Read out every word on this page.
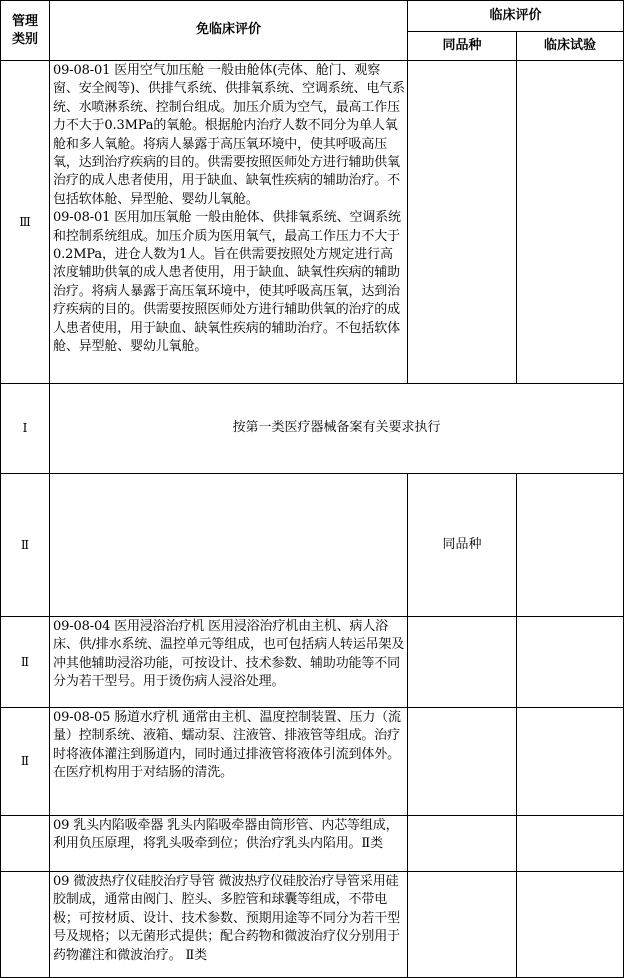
管理类别	免临床评价	临床评价	
		同品种	临床试验
Ⅲ	09-08-01 医用空气加压舱 一般由舱体(壳体、舱门、观察窗、安全阀等)、供排气系统、供排氧系统、空调系统、电气系统、水喷淋系统、控制台组成。加压介质为空气，最高工作压力不大于0.3MPa的氧舱。根据舱内治疗人数不同分为单人氧舱和多人氧舱。将病人暴露于高压氧环境中，使其呼吸高压氧，达到治疗疾病的目的。供需要按照医师处方进行辅助供氧治疗的成人患者使用，用于缺血、缺氧性疾病的辅助治疗。不包括软体舱、异型舱、婴幼儿氧舱。
09-08-01 医用加压氧舱 一般由舱体、供排氧系统、空调系统和控制系统组成。加压介质为医用氧气，最高工作压力不大于0.2MPa，进仓人数为1人。旨在供需要按照处方规定进行高浓度辅助供氧的成人患者使用，用于缺血、缺氧性疾病的辅助治疗。将病人暴露于高压氧环境中，使其呼吸高压氧，达到治疗疾病的目的。供需要按照医师处方进行辅助供氧的治疗的成人患者使用，用于缺血、缺氧性疾病的辅助治疗。不包括软体舱、异型舱、婴幼儿氧舱。		

Ⅰ	按第一类医疗器械备案有关要求执行		
Ⅱ		同品种	
Ⅱ	09-08-04 医用浸浴治疗机 医用浸浴治疗机由主机、病人浴床、供/排水系统、温控单元等组成，也可包括病人转运吊架及冲其他辅助浸浴功能，可按设计、技术参数、辅助功能等不同分为若干型号。用于烫伤病人浸浴处理。		
Ⅱ	09-08-05 肠道水疗机 通常由主机、温度控制装置、压力（流量）控制系统、液箱、蠕动泵、注液管、排液管等组成。治疗时将液体灌注到肠道内，同时通过排液管将液体引流到体外。在医疗机构用于对结肠的清洗。		
	09 乳头内陷吸牵器 乳头内陷吸牵器由筒形管、内芯等组成，利用负压原理，将乳头吸牵到位；供治疗乳头内陷用。Ⅱ类		
	09 微波热疗仪硅胶治疗导管 微波热疗仪硅胶治疗导管采用硅胶制成，通常由阀门、腔头、多腔管和球囊等组成，不带电极；可按材质、设计、技术参数、预期用途等不同分为若干型号及规格；以无菌形式提供；配合药物和微波治疗仪分别用于药物灌注和微波治疗。 Ⅱ类		
